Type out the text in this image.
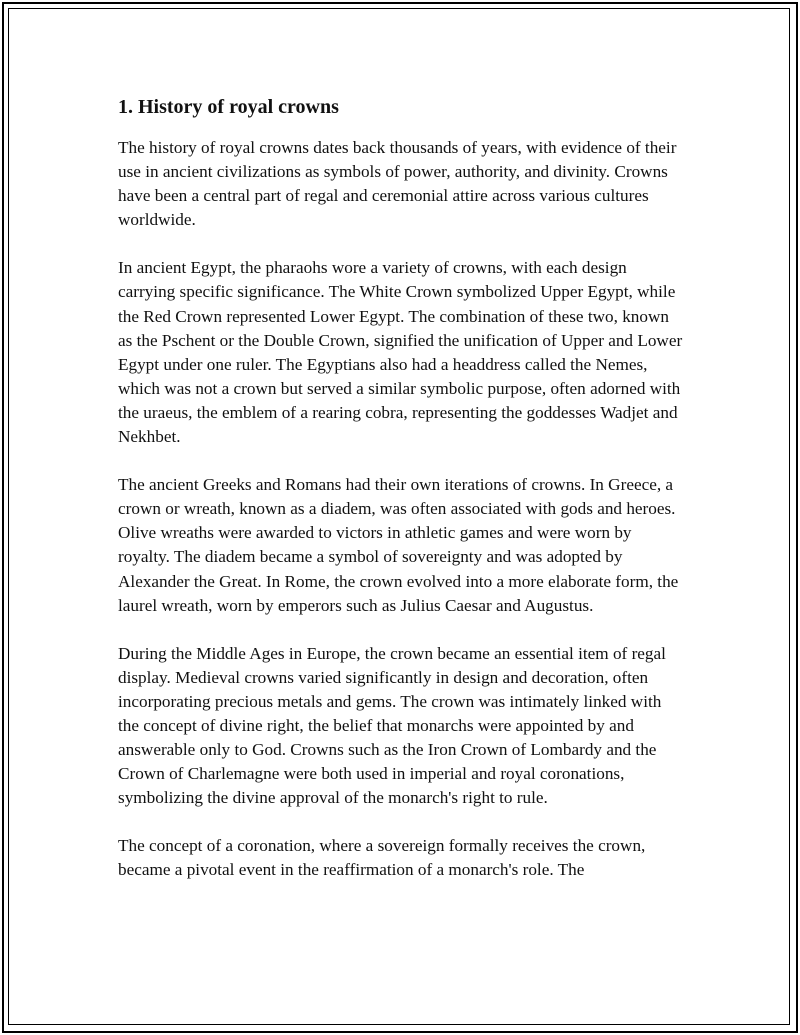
1. History of royal crowns

The history of royal crowns dates back thousands of years, with evidence of their use in ancient civilizations as symbols of power, authority, and divinity. Crowns have been a central part of regal and ceremonial attire across various cultures worldwide.

In ancient Egypt, the pharaohs wore a variety of crowns, with each design carrying specific significance. The White Crown symbolized Upper Egypt, while the Red Crown represented Lower Egypt. The combination of these two, known as the Pschent or the Double Crown, signified the unification of Upper and Lower Egypt under one ruler. The Egyptians also had a headdress called the Nemes, which was not a crown but served a similar symbolic purpose, often adorned with the uraeus, the emblem of a rearing cobra, representing the goddesses Wadjet and Nekhbet.

The ancient Greeks and Romans had their own iterations of crowns. In Greece, a crown or wreath, known as a diadem, was often associated with gods and heroes. Olive wreaths were awarded to victors in athletic games and were worn by royalty. The diadem became a symbol of sovereignty and was adopted by Alexander the Great. In Rome, the crown evolved into a more elaborate form, the laurel wreath, worn by emperors such as Julius Caesar and Augustus.

During the Middle Ages in Europe, the crown became an essential item of regal display. Medieval crowns varied significantly in design and decoration, often incorporating precious metals and gems. The crown was intimately linked with the concept of divine right, the belief that monarchs were appointed by and answerable only to God. Crowns such as the Iron Crown of Lombardy and the Crown of Charlemagne were both used in imperial and royal coronations, symbolizing the divine approval of the monarch's right to rule.

The concept of a coronation, where a sovereign formally receives the crown, became a pivotal event in the reaffirmation of a monarch's role. The
